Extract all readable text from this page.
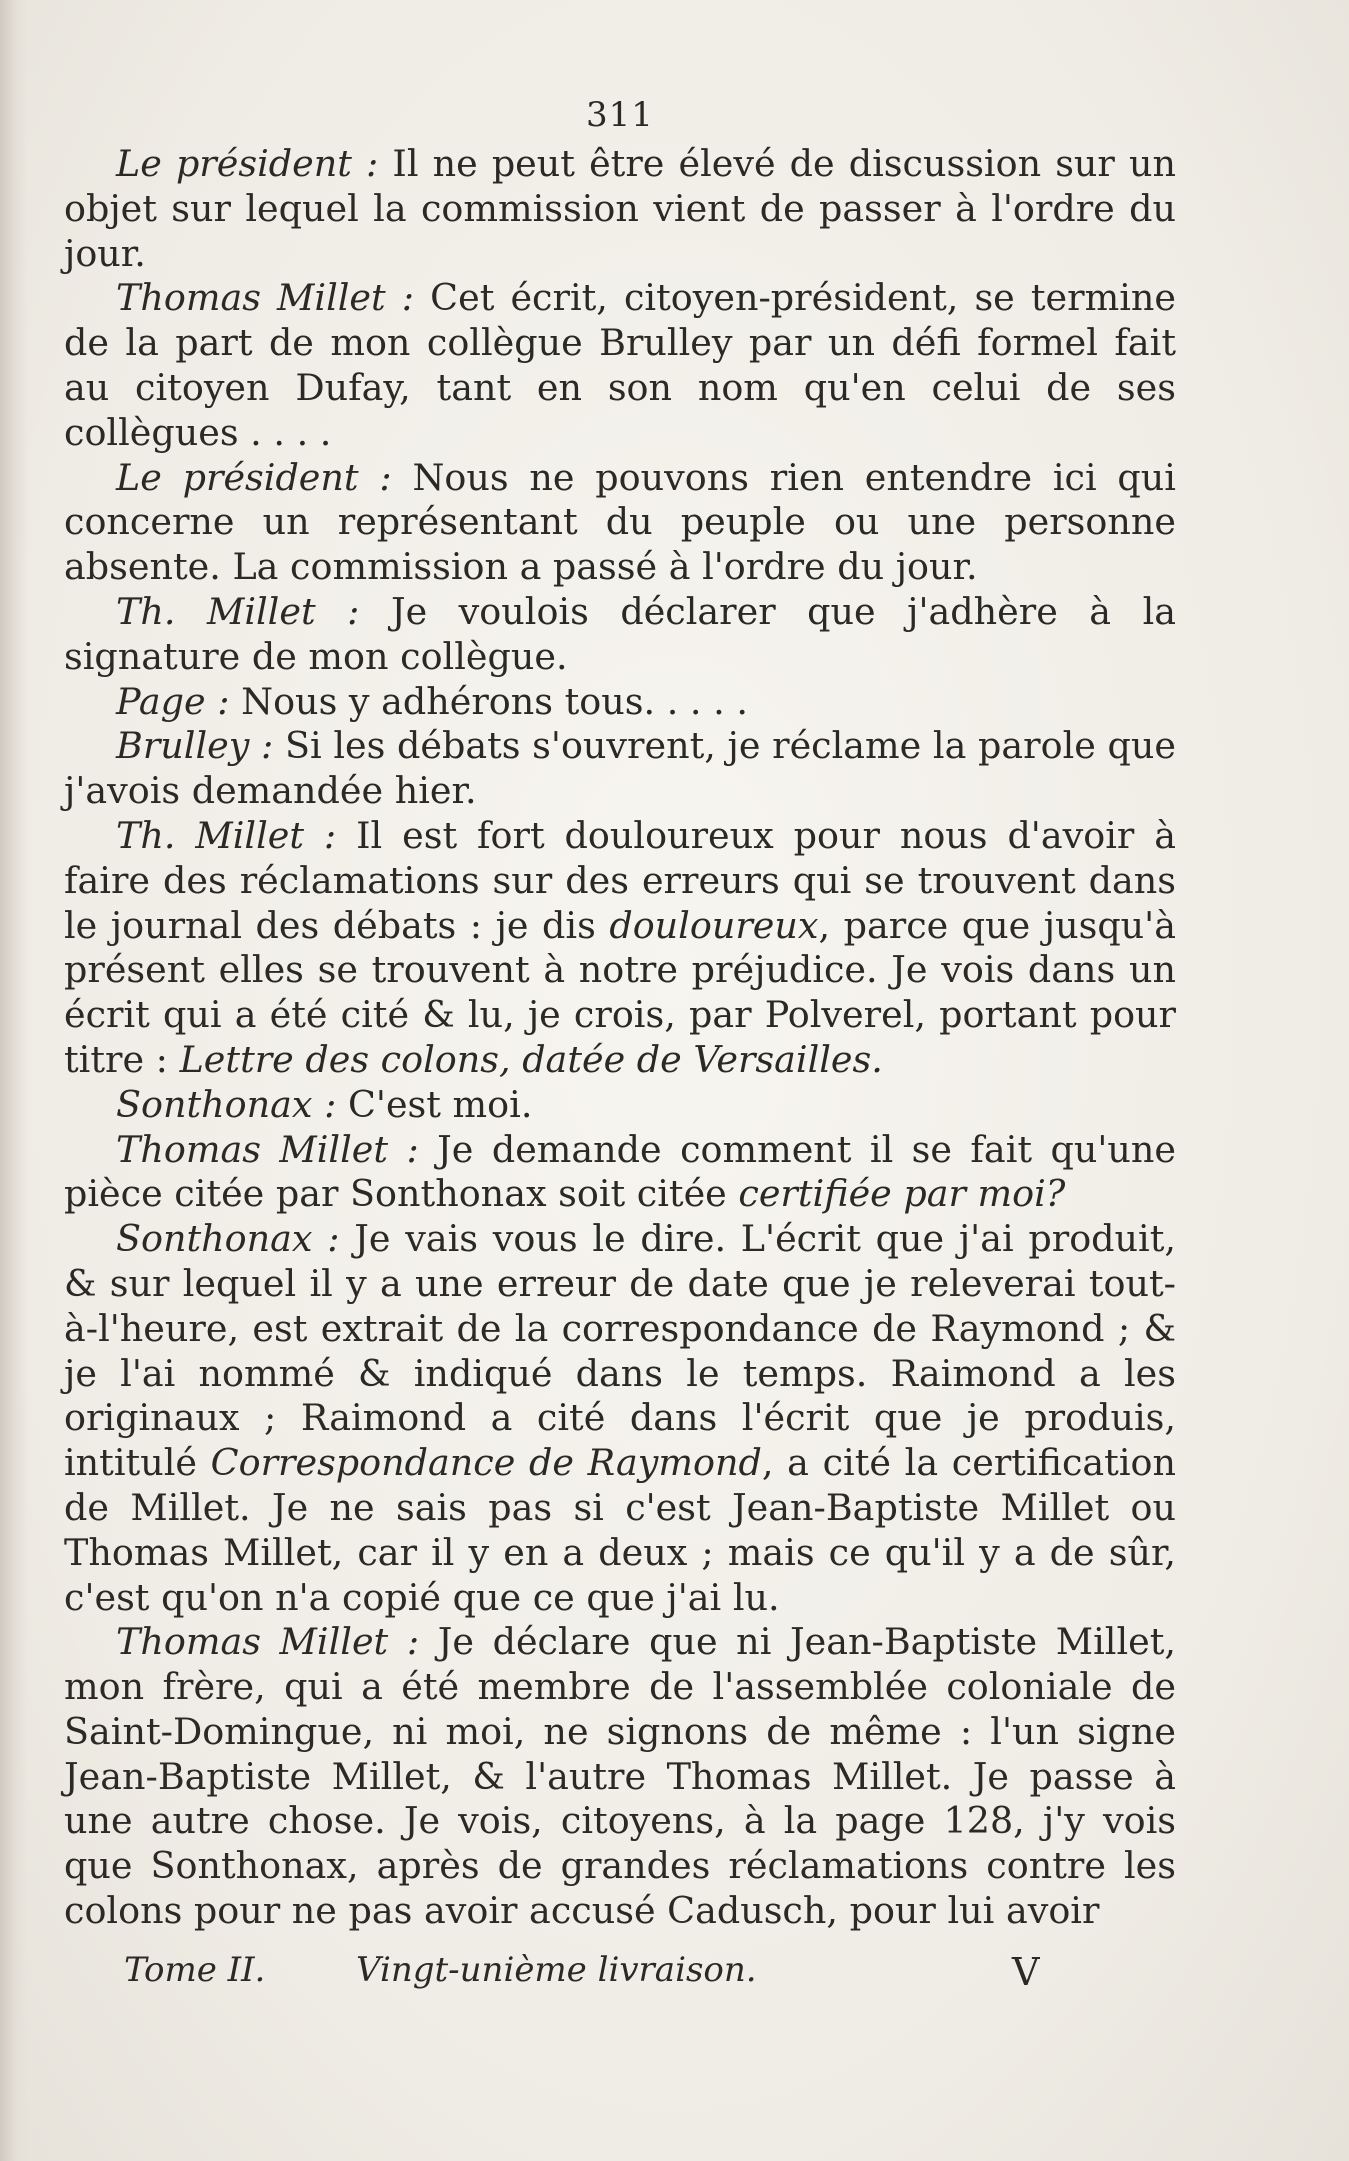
311

Le président : Il ne peut être élevé de discussion sur un objet sur lequel la commission vient de passer à l'ordre du jour.

Thomas Millet : Cet écrit, citoyen-président, se termine de la part de mon collègue Brulley par un défi formel fait au citoyen Dufay, tant en son nom qu'en celui de ses collègues . . . .

Le président : Nous ne pouvons rien entendre ici qui concerne un représentant du peuple ou une personne absente. La commission a passé à l'ordre du jour.

Th. Millet : Je voulois déclarer que j'adhère à la signature de mon collègue.

Page : Nous y adhérons tous. . . . .

Brulley : Si les débats s'ouvrent, je réclame la parole que j'avois demandée hier.

Th. Millet : Il est fort douloureux pour nous d'avoir à faire des réclamations sur des erreurs qui se trouvent dans le journal des débats : je dis douloureux, parce que jusqu'à présent elles se trouvent à notre préjudice. Je vois dans un écrit qui a été cité & lu, je crois, par Polverel, portant pour titre : Lettre des colons, datée de Versailles.

Sonthonax : C'est moi.

Thomas Millet : Je demande comment il se fait qu'une pièce citée par Sonthonax soit citée certifiée par moi?

Sonthonax : Je vais vous le dire. L'écrit que j'ai produit, & sur lequel il y a une erreur de date que je releverai tout-à-l'heure, est extrait de la correspondance de Raymond ; & je l'ai nommé & indiqué dans le temps. Raimond a les originaux ; Raimond a cité dans l'écrit que je produis, intitulé Correspondance de Raymond, a cité la certification de Millet. Je ne sais pas si c'est Jean-Baptiste Millet ou Thomas Millet, car il y en a deux ; mais ce qu'il y a de sûr, c'est qu'on n'a copié que ce que j'ai lu.

Thomas Millet : Je déclare que ni Jean-Baptiste Millet, mon frère, qui a été membre de l'assemblée coloniale de Saint-Domingue, ni moi, ne signons de même : l'un signe Jean-Baptiste Millet, & l'autre Thomas Millet. Je passe à une autre chose. Je vois, citoyens, à la page 128, j'y vois que Sonthonax, après de grandes réclamations contre les colons pour ne pas avoir accusé Cadusch, pour lui avoir

Tome II.	Vingt-unième livraison.	V
